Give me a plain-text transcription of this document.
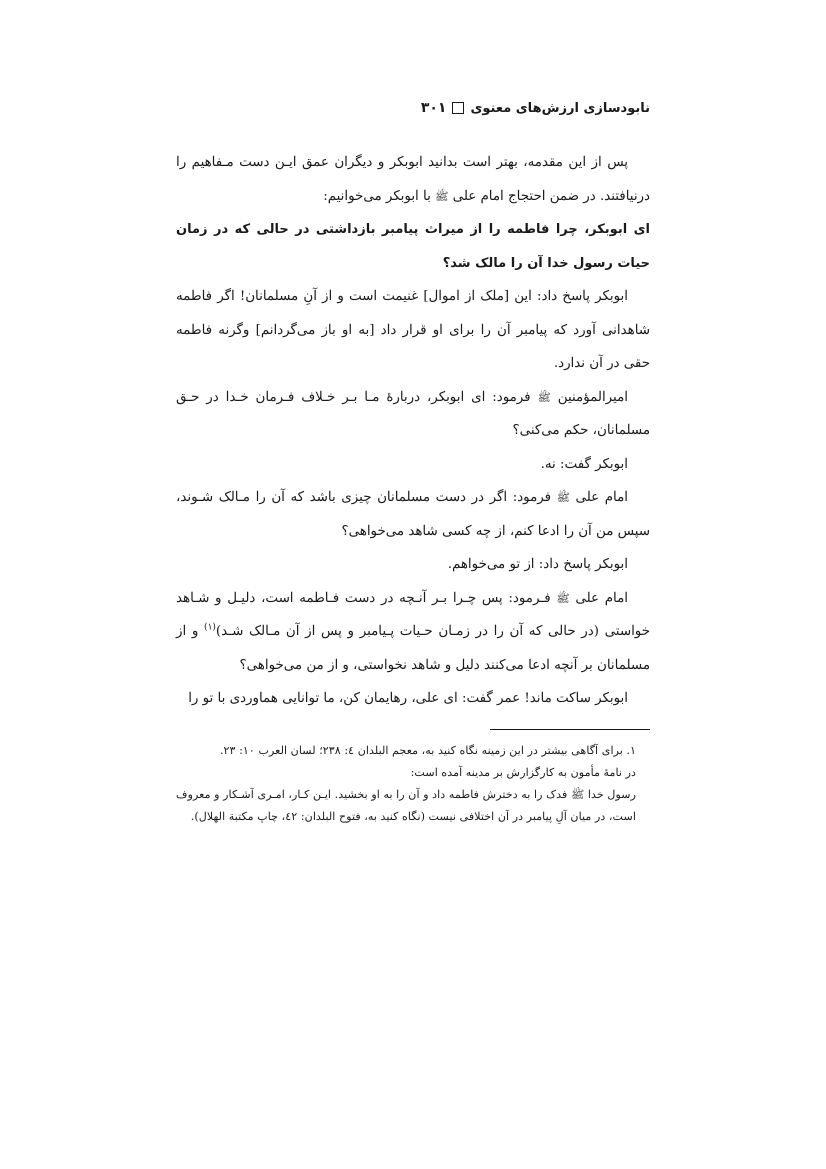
نابودسازی ارزش‌های معنوی
۳۰۱

پس از این مقدمه، بهتر است بدانید ابوبکر و دیگران عمق ایـن دست مـفاهیم را درنیافتند. در ضمن احتجاج امام علی ﷺ با ابوبکر می‌خوانیم:

ای ابوبکر، چرا فاطمه را از میراث پیامبر بازداشتی در حالی که در زمان حیات رسول خدا آن را مالک شد؟

ابوبکر پاسخ داد: این [ملک از اموال] غنیمت است و از آنِ مسلمانان! اگر فاطمه شاهدانی آورد که پیامبر آن را برای او قرار داد [به او باز می‌گردانم] وگرنه فاطمه حقی در آن ندارد.

امیرالمؤمنین ﷺ فرمود: ای ابوبکر، دربارهٔ مـا بـر خـلاف فـرمان خـدا در حـق مسلمانان، حکم می‌کنی؟

ابوبکر گفت: نه.

امام علی ﷺ فرمود: اگر در دست مسلمانان چیزی باشد که آن را مـالک شـوند، سپس من آن را ادعا کنم، از چه کسی شاهد می‌خواهی؟

ابوبکر پاسخ داد: از تو می‌خواهم.

امام علی ﷺ فـرمود: پس چـرا بـر آنـچه در دست فـاطمه است، دلیـل و شـاهد خواستی (در حالی که آن را در زمـان حـیات پـیامبر و پس از آن مـالک شـد)$^{(۱)}$ و از مسلمانان بر آنچه ادعا می‌کنند دلیل و شاهد نخواستی، و از من می‌خواهی؟

ابوبکر ساکت ماند! عمر گفت: ای علی، رهایمان کن، ما توانایی هماوردی با تو را

۱. برای آگاهی بیشتر در این زمینه نگاه کنید به، معجم البلدان ٤: ۲۳۸؛ لسان العرب ۱۰: ۲۳.

در نامهٔ مأمون به کارگزارش بر مدینه آمده است:

رسول خدا ﷺ فدک را به دخترش فاطمه داد و آن را به او بخشید. ایـن کـار، امـری آشـکار و معروف است، در میان آلِ پیامبر در آن اختلافی نیست (نگاه کنید به، فتوح البلدان: ٤۲، چاپ مکتبة الهلال).
